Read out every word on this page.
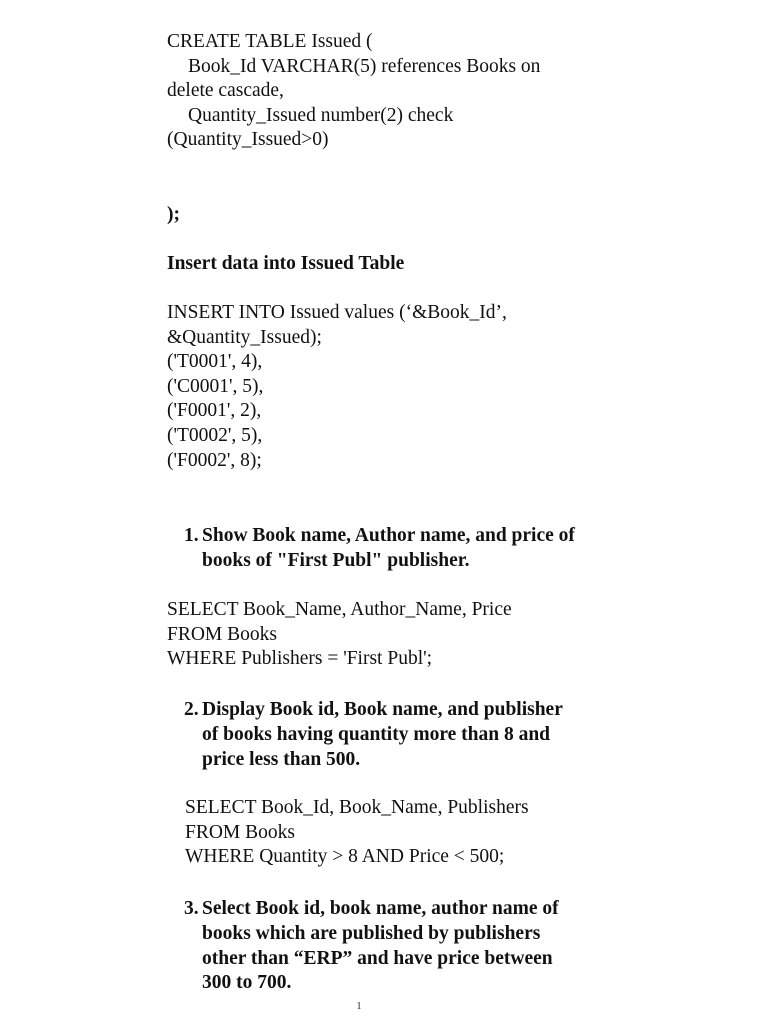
CREATE TABLE Issued (
Book_Id VARCHAR(5) references Books on
delete cascade,
Quantity_Issued number(2) check
(Quantity_Issued>0)
);
Insert data into Issued Table
INSERT INTO Issued values (‘&Book_Id’,
&Quantity_Issued);
('T0001', 4),
('C0001', 5),
('F0001', 2),
('T0002', 5),
('F0002', 8);
1. Show Book name, Author name, and price of
books of "First Publ" publisher.
SELECT Book_Name, Author_Name, Price
FROM Books
WHERE Publishers = 'First Publ';
2. Display Book id, Book name, and publisher
of books having quantity more than 8 and
price less than 500.
SELECT Book_Id, Book_Name, Publishers
FROM Books
WHERE Quantity > 8 AND Price < 500;
3. Select Book id, book name, author name of
books which are published by publishers
other than “ERP” and have price between
300 to 700.
1
